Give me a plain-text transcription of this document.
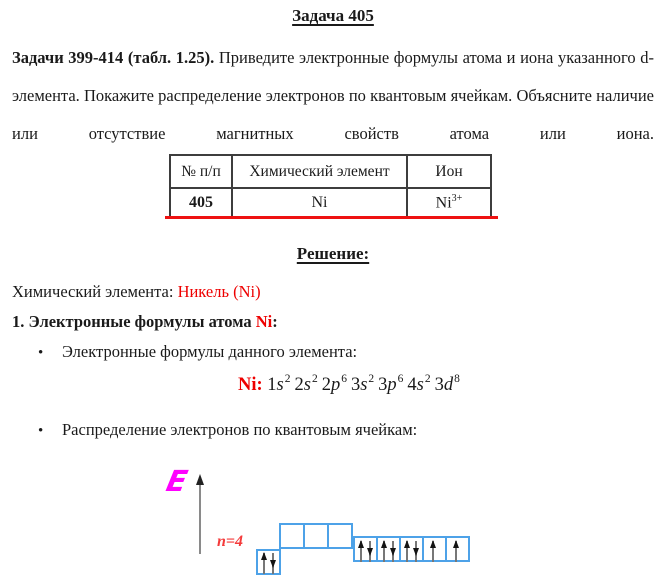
Задача 405

Задачи 399-414 (табл. 1.25). Приведите электронные формулы атома и иона указанного d-элемента. Покажите распределение электронов по квантовым ячейкам. Объясните наличие или отсутствие магнитных свойств атома или иона.

№ п/п	Химический элемент	Ион
405	Ni	$Ni^{3+}$
Решение:

Химический элемента: Никель (Ni)

1. Электронные формулы атома Ni:

• Электронные формулы данного элемента:
Ni: $1s^2$ $2s^2$ $2p^6$ $3s^2$ $3p^6$ $4s^2$ $3d^8$
• Распределение электронов по квантовым ячейкам:
E
n=4
